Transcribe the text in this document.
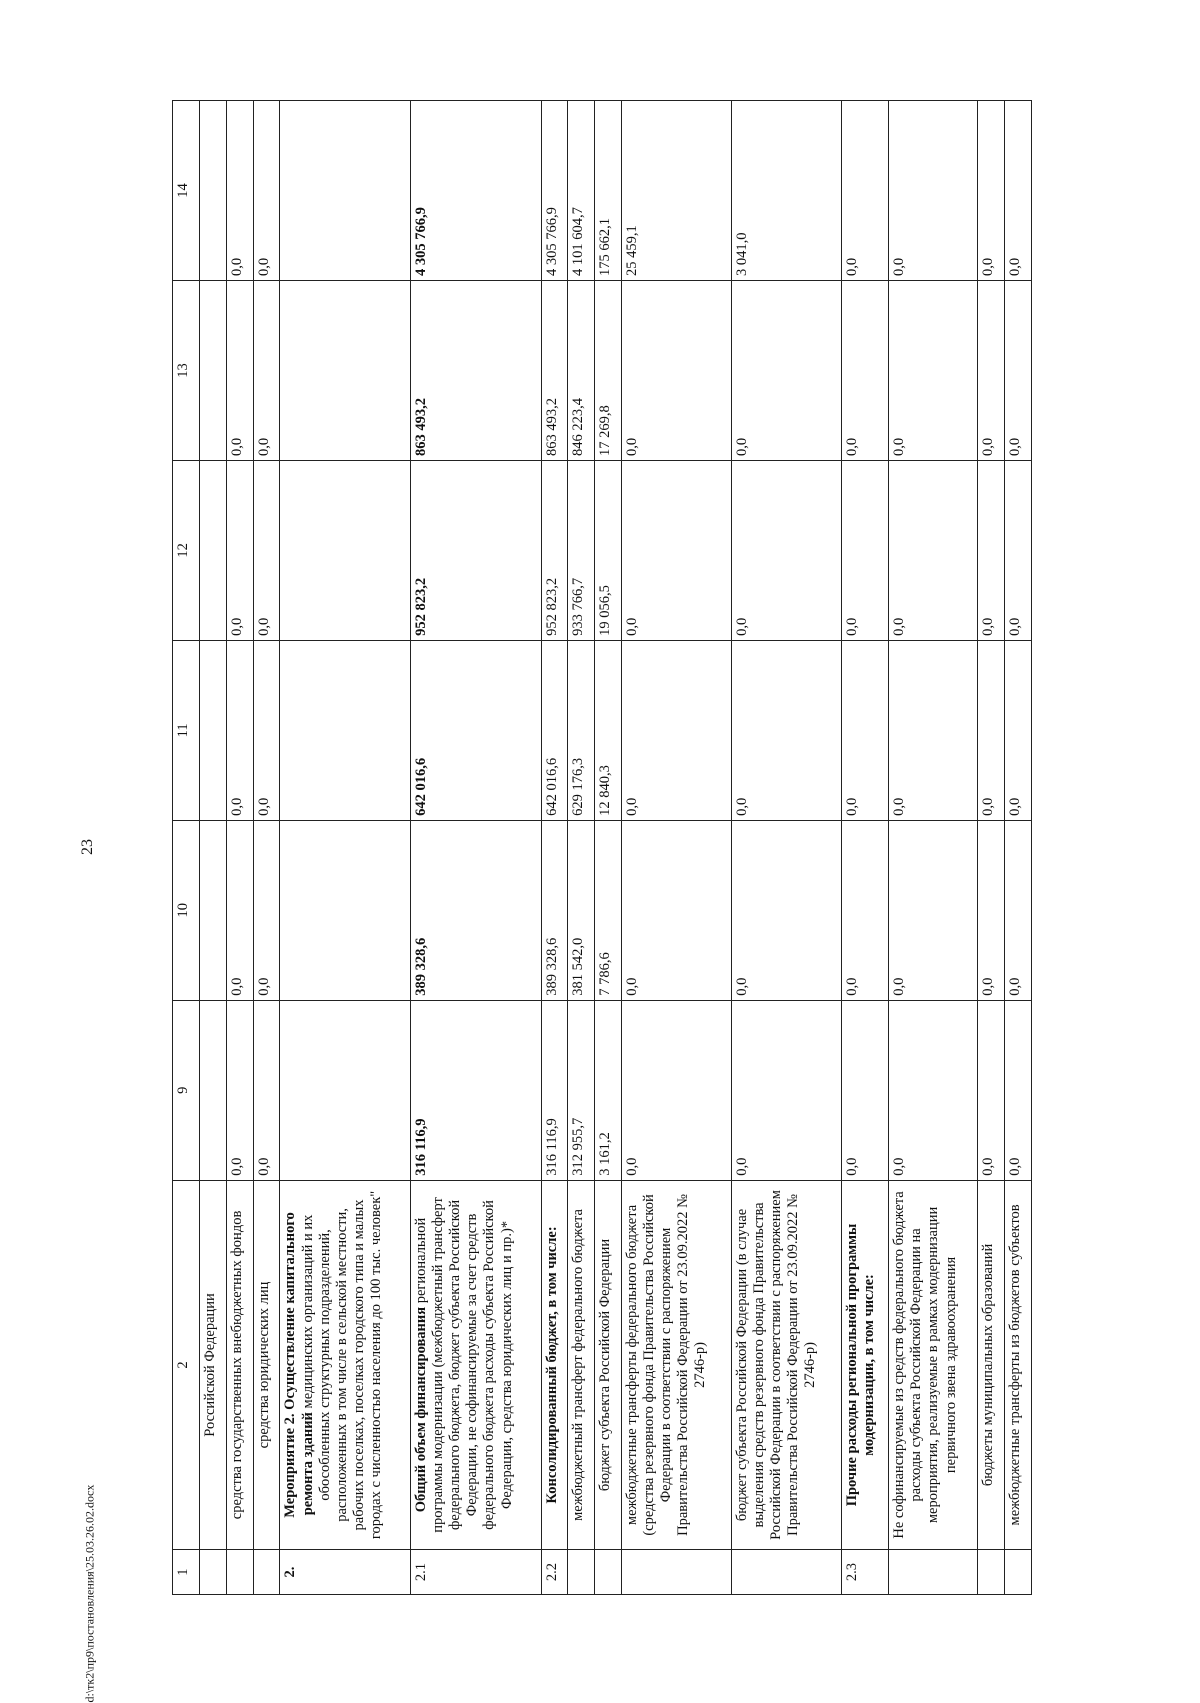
23
d:\тк2\пр9\постановления\25.03.26.02.docx	1	2	9	10	11	12	13	14
	Российской Федерации						
	средства государственных внебюджетных фондов	0,0	0,0	0,0	0,0	0,0	0,0
	средства юридических лиц	0,0	0,0	0,0	0,0	0,0	0,0
2.	Мероприятие 2. Осуществление капитального ремонта зданий медицинских организаций и их обособленных структурных подразделений, расположенных в том числе в сельской местности, рабочих поселках, поселках городского типа и малых городах с численностью населения до 100 тыс. человек"						
2.1	Общий объем финансирования региональной программы модернизации (межбюджетный трансферт федерального бюджета, бюджет субъекта Российской Федерации, не софинансируемые за счет средств федерального бюджета расходы субъекта Российской Федерации, средства юридических лиц и пр.)*	316 116,9	389 328,6	642 016,6	952 823,2	863 493,2	4 305 766,9
2.2	Консолидированный бюджет, в том числе:	316 116,9	389 328,6	642 016,6	952 823,2	863 493,2	4 305 766,9
	межбюджетный трансферт федерального бюджета	312 955,7	381 542,0	629 176,3	933 766,7	846 223,4	4 101 604,7
	бюджет субъекта Российской Федерации	3 161,2	7 786,6	12 840,3	19 056,5	17 269,8	175 662,1
	межбюджетные трансферты федерального бюджета (средства резервного фонда Правительства Российской Федерации в соответствии с распоряжением Правительства Российской Федерации от 23.09.2022 № 2746-р)	0,0	0,0	0,0	0,0	0,0	25 459,1
	бюджет субъекта Российской Федерации (в случае выделения средств резервного фонда Правительства Российской Федерации в соответствии с распоряжением Правительства Российской Федерации от 23.09.2022 № 2746-р)	0,0	0,0	0,0	0,0	0,0	3 041,0
2.3	Прочие расходы региональной программы модернизации, в том числе:	0,0	0,0	0,0	0,0	0,0	0,0
	Не софинансируемые из средств федерального бюджета расходы субъекта Российской Федерации на мероприятия, реализуемые в рамках модернизации первичного звена здравоохранения	0,0	0,0	0,0	0,0	0,0	0,0
	бюджеты муниципальных образований	0,0	0,0	0,0	0,0	0,0	0,0
	межбюджетные трансферты из бюджетов субъектов	0,0	0,0	0,0	0,0	0,0	0,0
